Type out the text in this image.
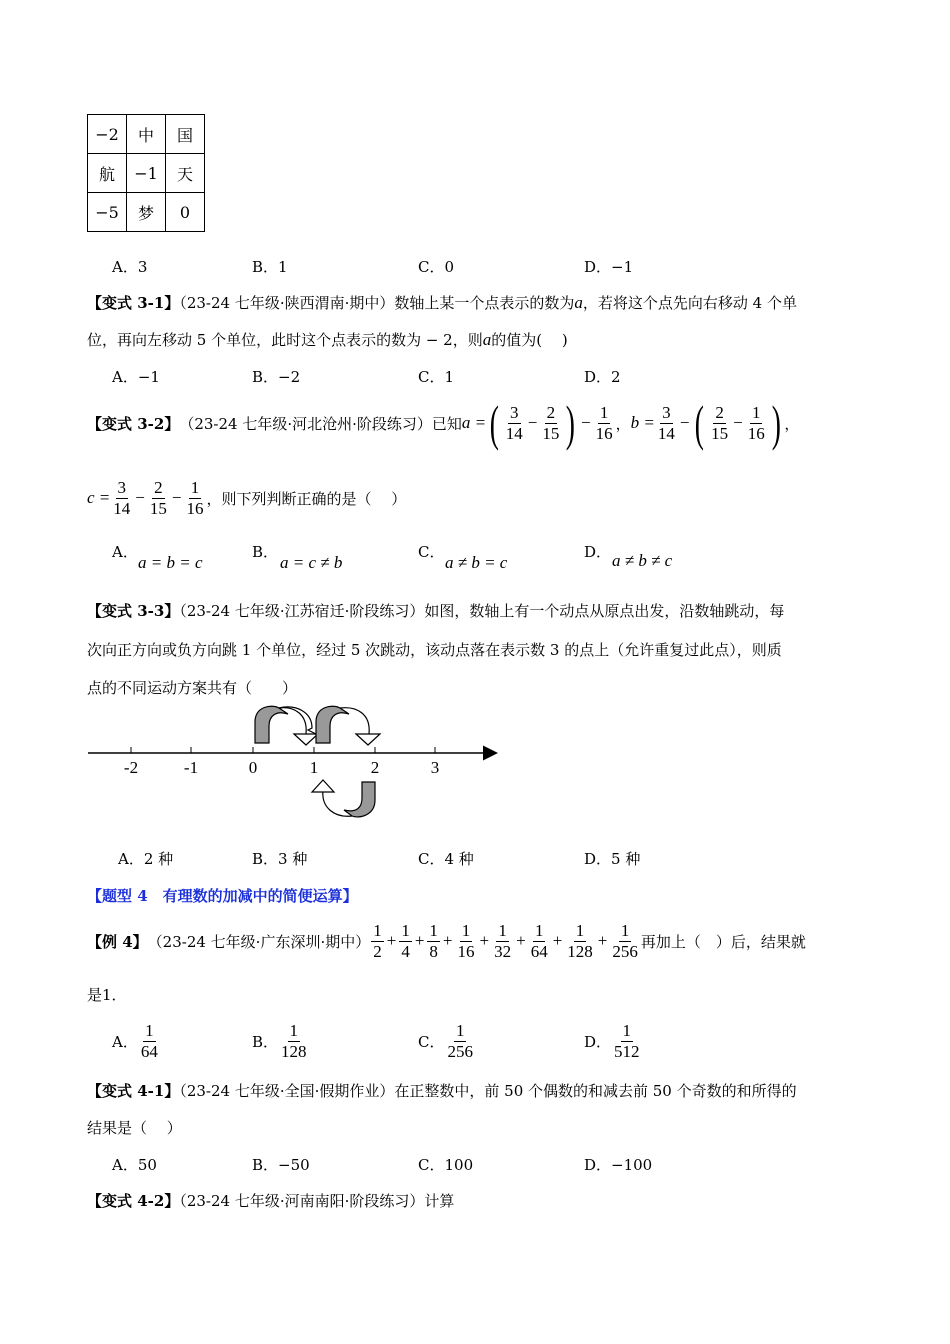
−2	中	国
航	−1	天
−5	梦	0
A．3	B．1	C．0	D．−1
【变式 3-1】（23-24 七年级·陕西渭南·期中）数轴上某一个点表示的数为a，若将这个点先向右移动 4 个单
位，再向左移动 5 个单位，此时这个点表示的数为 − 2，则a的值为(　 )
A．−1	B．−2	C．1	D．2
【变式 3-2】 （23-24 七年级·河北沧州·阶段练习）已知 a = ( $\frac{3}{14} - \frac{2}{15}$ ) − $\frac{1}{16}$ ， $b = \frac{3}{14}$ − ( $\frac{2}{15} - \frac{1}{16}$ ) ，
$c = \frac{3}{14} - \frac{2}{15} - \frac{1}{16}$ ，则下列判断正确的是（　 ）
A．
a = b = c
B．
a = c ≠ b
C．
a ≠ b = c
D． a ≠ b ≠ c
【变式 3-3】（23-24 七年级·江苏宿迁·阶段练习）如图，数轴上有一个动点从原点出发，沿数轴跳动，每
次向正方向或负方向跳 1 个单位，经过 5 次跳动，该动点落在表示数 3 的点上（允许重复过此点），则质
点的不同运动方案共有（　　）
-2	-1	0	1	2	3
A．2 种	B．3 种	C．4 种	D．5 种
【题型 4　有理数的加减中的简便运算】
【例 4】 （23-24 七年级·广东深圳·期中） $\frac{1}{2} + \frac{1}{4} + \frac{1}{8} + \frac{1}{16} + \frac{1}{32} + \frac{1}{64} + \frac{1}{128} + \frac{1}{256}$ 再加上（　）后，结果就
是1．
A． $\frac{1}{64}$	B． $\frac{1}{128}$	C． $\frac{1}{256}$	D． $\frac{1}{512}$
【变式 4-1】（23-24 七年级·全国·假期作业）在正整数中，前 50 个偶数的和减去前 50 个奇数的和所得的
结果是（　 ）
A．50	B．−50	C．100	D．−100
【变式 4-2】（23-24 七年级·河南南阳·阶段练习）计算
